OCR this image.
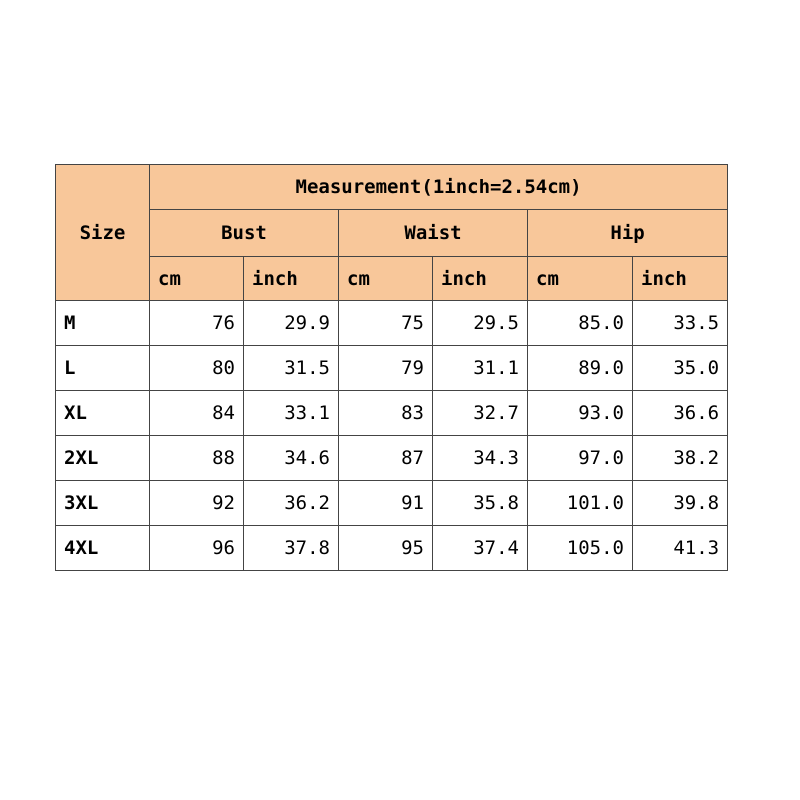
Size	Measurement(1inch=2.54cm)					
	Bust		Waist		Hip	
	cm	inch	cm	inch	cm	inch
M	76	29.9	75	29.5	85.0	33.5
L	80	31.5	79	31.1	89.0	35.0
XL	84	33.1	83	32.7	93.0	36.6
2XL	88	34.6	87	34.3	97.0	38.2
3XL	92	36.2	91	35.8	101.0	39.8
4XL	96	37.8	95	37.4	105.0	41.3
